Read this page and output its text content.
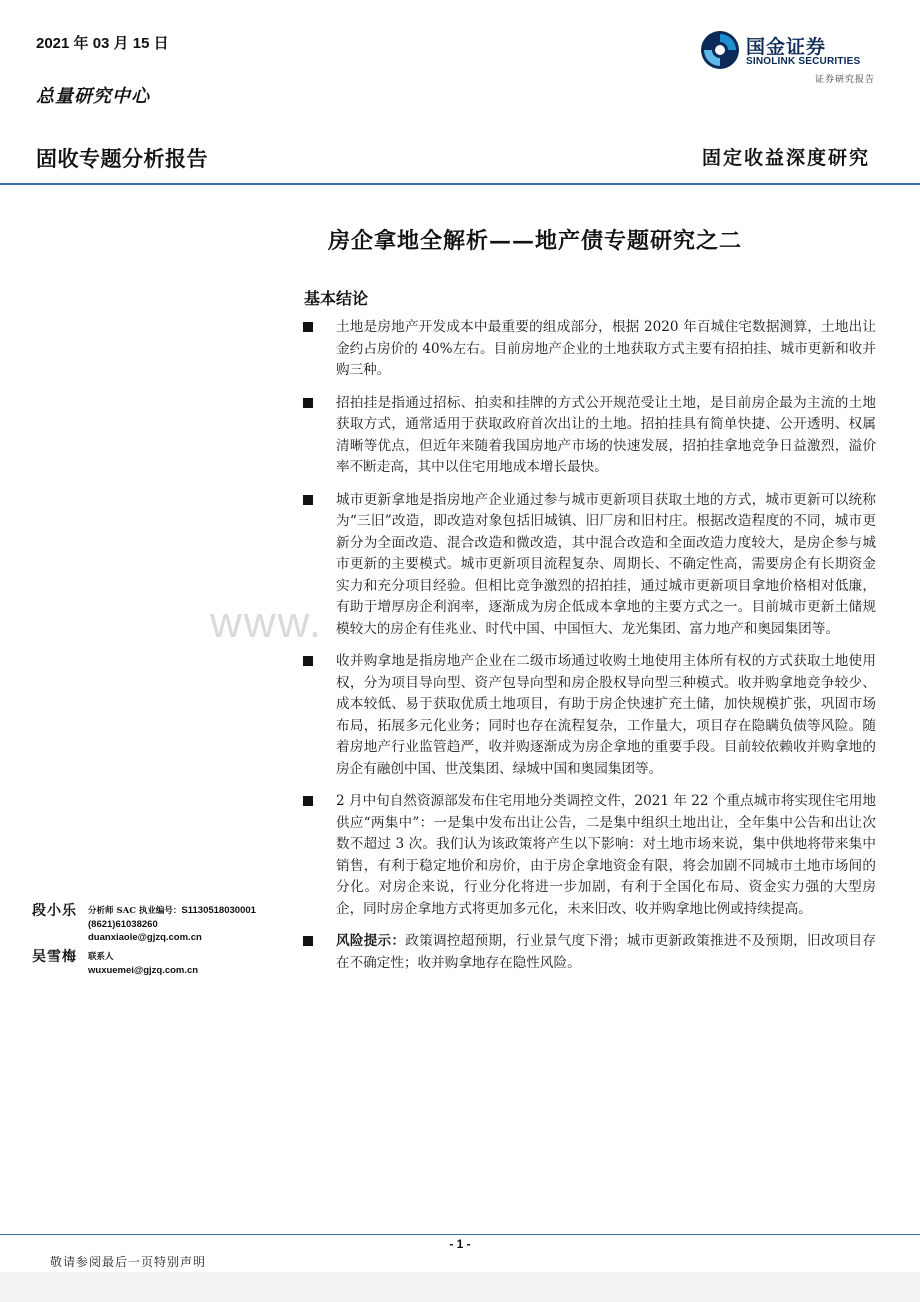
2021 年 03 月 15 日
总量研究中心
固收专题分析报告	固定收益深度研究
国金证券
SINOLINK SECURITIES
证券研究报告
www.
房企拿地全解析——地产债专题研究之二
基本结论
土地是房地产开发成本中最重要的组成部分，根据 2020 年百城住宅数据测算，土地出让金约占房价的 40%左右。目前房地产企业的土地获取方式主要有招拍挂、城市更新和收并购三种。
招拍挂是指通过招标、拍卖和挂牌的方式公开规范受让土地，是目前房企最为主流的土地获取方式，通常适用于获取政府首次出让的土地。招拍挂具有简单快捷、公开透明、权属清晰等优点，但近年来随着我国房地产市场的快速发展，招拍挂拿地竞争日益激烈，溢价率不断走高，其中以住宅用地成本增长最快。
城市更新拿地是指房地产企业通过参与城市更新项目获取土地的方式，城市更新可以统称为“三旧”改造，即改造对象包括旧城镇、旧厂房和旧村庄。根据改造程度的不同，城市更新分为全面改造、混合改造和微改造，其中混合改造和全面改造力度较大，是房企参与城市更新的主要模式。城市更新项目流程复杂、周期长、不确定性高，需要房企有长期资金实力和充分项目经验。但相比竞争激烈的招拍挂，通过城市更新项目拿地价格相对低廉，有助于增厚房企利润率，逐渐成为房企低成本拿地的主要方式之一。目前城市更新土储规模较大的房企有佳兆业、时代中国、中国恒大、龙光集团、富力地产和奥园集团等。
收并购拿地是指房地产企业在二级市场通过收购土地使用主体所有权的方式获取土地使用权，分为项目导向型、资产包导向型和房企股权导向型三种模式。收并购拿地竞争较少、成本较低、易于获取优质土地项目，有助于房企快速扩充土储，加快规模扩张，巩固市场布局，拓展多元化业务；同时也存在流程复杂，工作量大，项目存在隐瞒负债等风险。随着房地产行业监管趋严，收并购逐渐成为房企拿地的重要手段。目前较依赖收并购拿地的房企有融创中国、世茂集团、绿城中国和奥园集团等。
2 月中旬自然资源部发布住宅用地分类调控文件，2021 年 22 个重点城市将实现住宅用地供应“两集中”：一是集中发布出让公告，二是集中组织土地出让，全年集中公告和出让次数不超过 3 次。我们认为该政策将产生以下影响：对土地市场来说，集中供地将带来集中销售，有利于稳定地价和房价，由于房企拿地资金有限，将会加剧不同城市土地市场间的分化。对房企来说，行业分化将进一步加剧，有利于全国化布局、资金实力强的大型房企，同时房企拿地方式将更加多元化，未来旧改、收并购拿地比例或持续提高。
风险提示：政策调控超预期，行业景气度下滑；城市更新政策推进不及预期，旧改项目存在不确定性；收并购拿地存在隐性风险。
段小乐 分析师 SAC 执业编号：S1130518030001
(8621)61038260
duanxiaole@gjzq.com.cn
吴雪梅 联系人
wuxuemei@gjzq.com.cn
- 1 -
敬请参阅最后一页特别声明
